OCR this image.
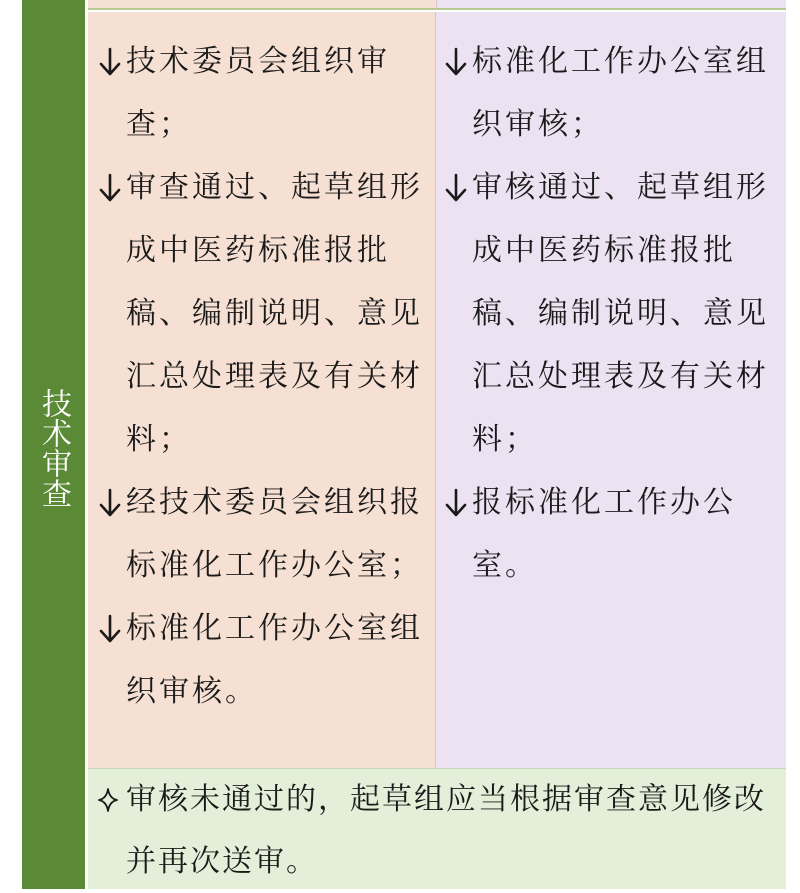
技术审查
技术委员会组织审查；
审查通过、起草组形成中医药标准报批稿、编制说明、意见汇总处理表及有关材料；
经技术委员会组织报标准化工作办公室；
标准化工作办公室组织审核。
标准化工作办公室组织审核；
审核通过、起草组形成中医药标准报批稿、编制说明、意见汇总处理表及有关材料；
报标准化工作办公室。
审核未通过的，起草组应当根据审查意见修改并再次送审。
